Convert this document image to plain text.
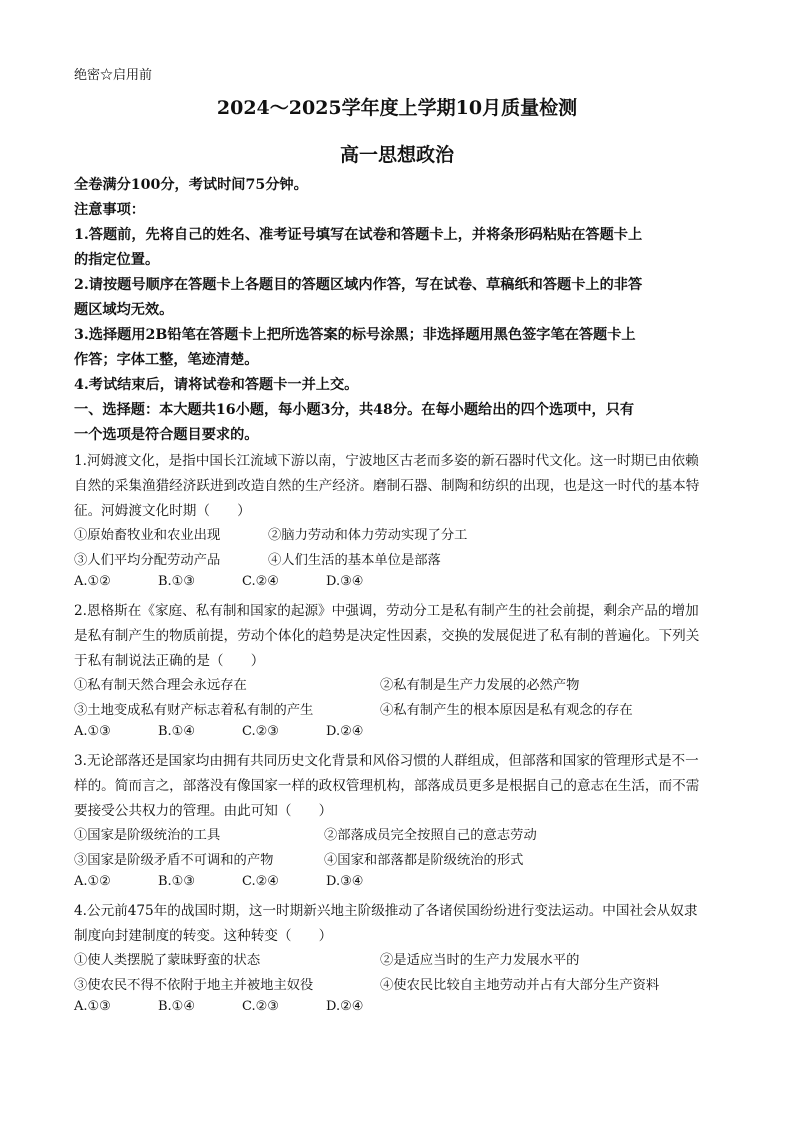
绝密☆启用前
2024～2025学年度上学期10月质量检测
高一思想政治
全卷满分100分，考试时间75分钟。
注意事项：
1.答题前，先将自己的姓名、准考证号填写在试卷和答题卡上，并将条形码粘贴在答题卡上
的指定位置。
2.请按题号顺序在答题卡上各题目的答题区域内作答，写在试卷、草稿纸和答题卡上的非答
题区域均无效。
3.选择题用2B铅笔在答题卡上把所选答案的标号涂黑；非选择题用黑色签字笔在答题卡上
作答；字体工整，笔迹清楚。
4.考试结束后，请将试卷和答题卡一并上交。
一、选择题：本大题共16小题，每小题3分，共48分。在每小题给出的四个选项中，只有
一个选项是符合题目要求的。
1.河姆渡文化，是指中国长江流域下游以南，宁波地区古老而多姿的新石器时代文化。这一时期已由依赖
自然的采集渔猎经济跃进到改造自然的生产经济。磨制石器、制陶和纺织的出现，也是这一时代的基本特
征。河姆渡文化时期（　　）
①原始畜牧业和农业出现	②脑力劳动和体力劳动实现了分工
③人们平均分配劳动产品	④人们生活的基本单位是部落
A.①②	B.①③	C.②④	D.③④
2.恩格斯在《家庭、私有制和国家的起源》中强调，劳动分工是私有制产生的社会前提，剩余产品的增加
是私有制产生的物质前提，劳动个体化的趋势是决定性因素，交换的发展促进了私有制的普遍化。下列关
于私有制说法正确的是（　　）
①私有制天然合理会永远存在	②私有制是生产力发展的必然产物
③土地变成私有财产标志着私有制的产生	④私有制产生的根本原因是私有观念的存在
A.①③	B.①④	C.②③	D.②④
3.无论部落还是国家均由拥有共同历史文化背景和风俗习惯的人群组成，但部落和国家的管理形式是不一
样的。简而言之，部落没有像国家一样的政权管理机构，部落成员更多是根据自己的意志在生活，而不需
要接受公共权力的管理。由此可知（　　）
①国家是阶级统治的工具	②部落成员完全按照自己的意志劳动
③国家是阶级矛盾不可调和的产物	④国家和部落都是阶级统治的形式
A.①②	B.①③	C.②④	D.③④
4.公元前475年的战国时期，这一时期新兴地主阶级推动了各诸侯国纷纷进行变法运动。中国社会从奴隶
制度向封建制度的转变。这种转变（　　）
①使人类摆脱了蒙昧野蛮的状态	②是适应当时的生产力发展水平的
③使农民不得不依附于地主并被地主奴役	④使农民比较自主地劳动并占有大部分生产资料
A.①③	B.①④	C.②③	D.②④
